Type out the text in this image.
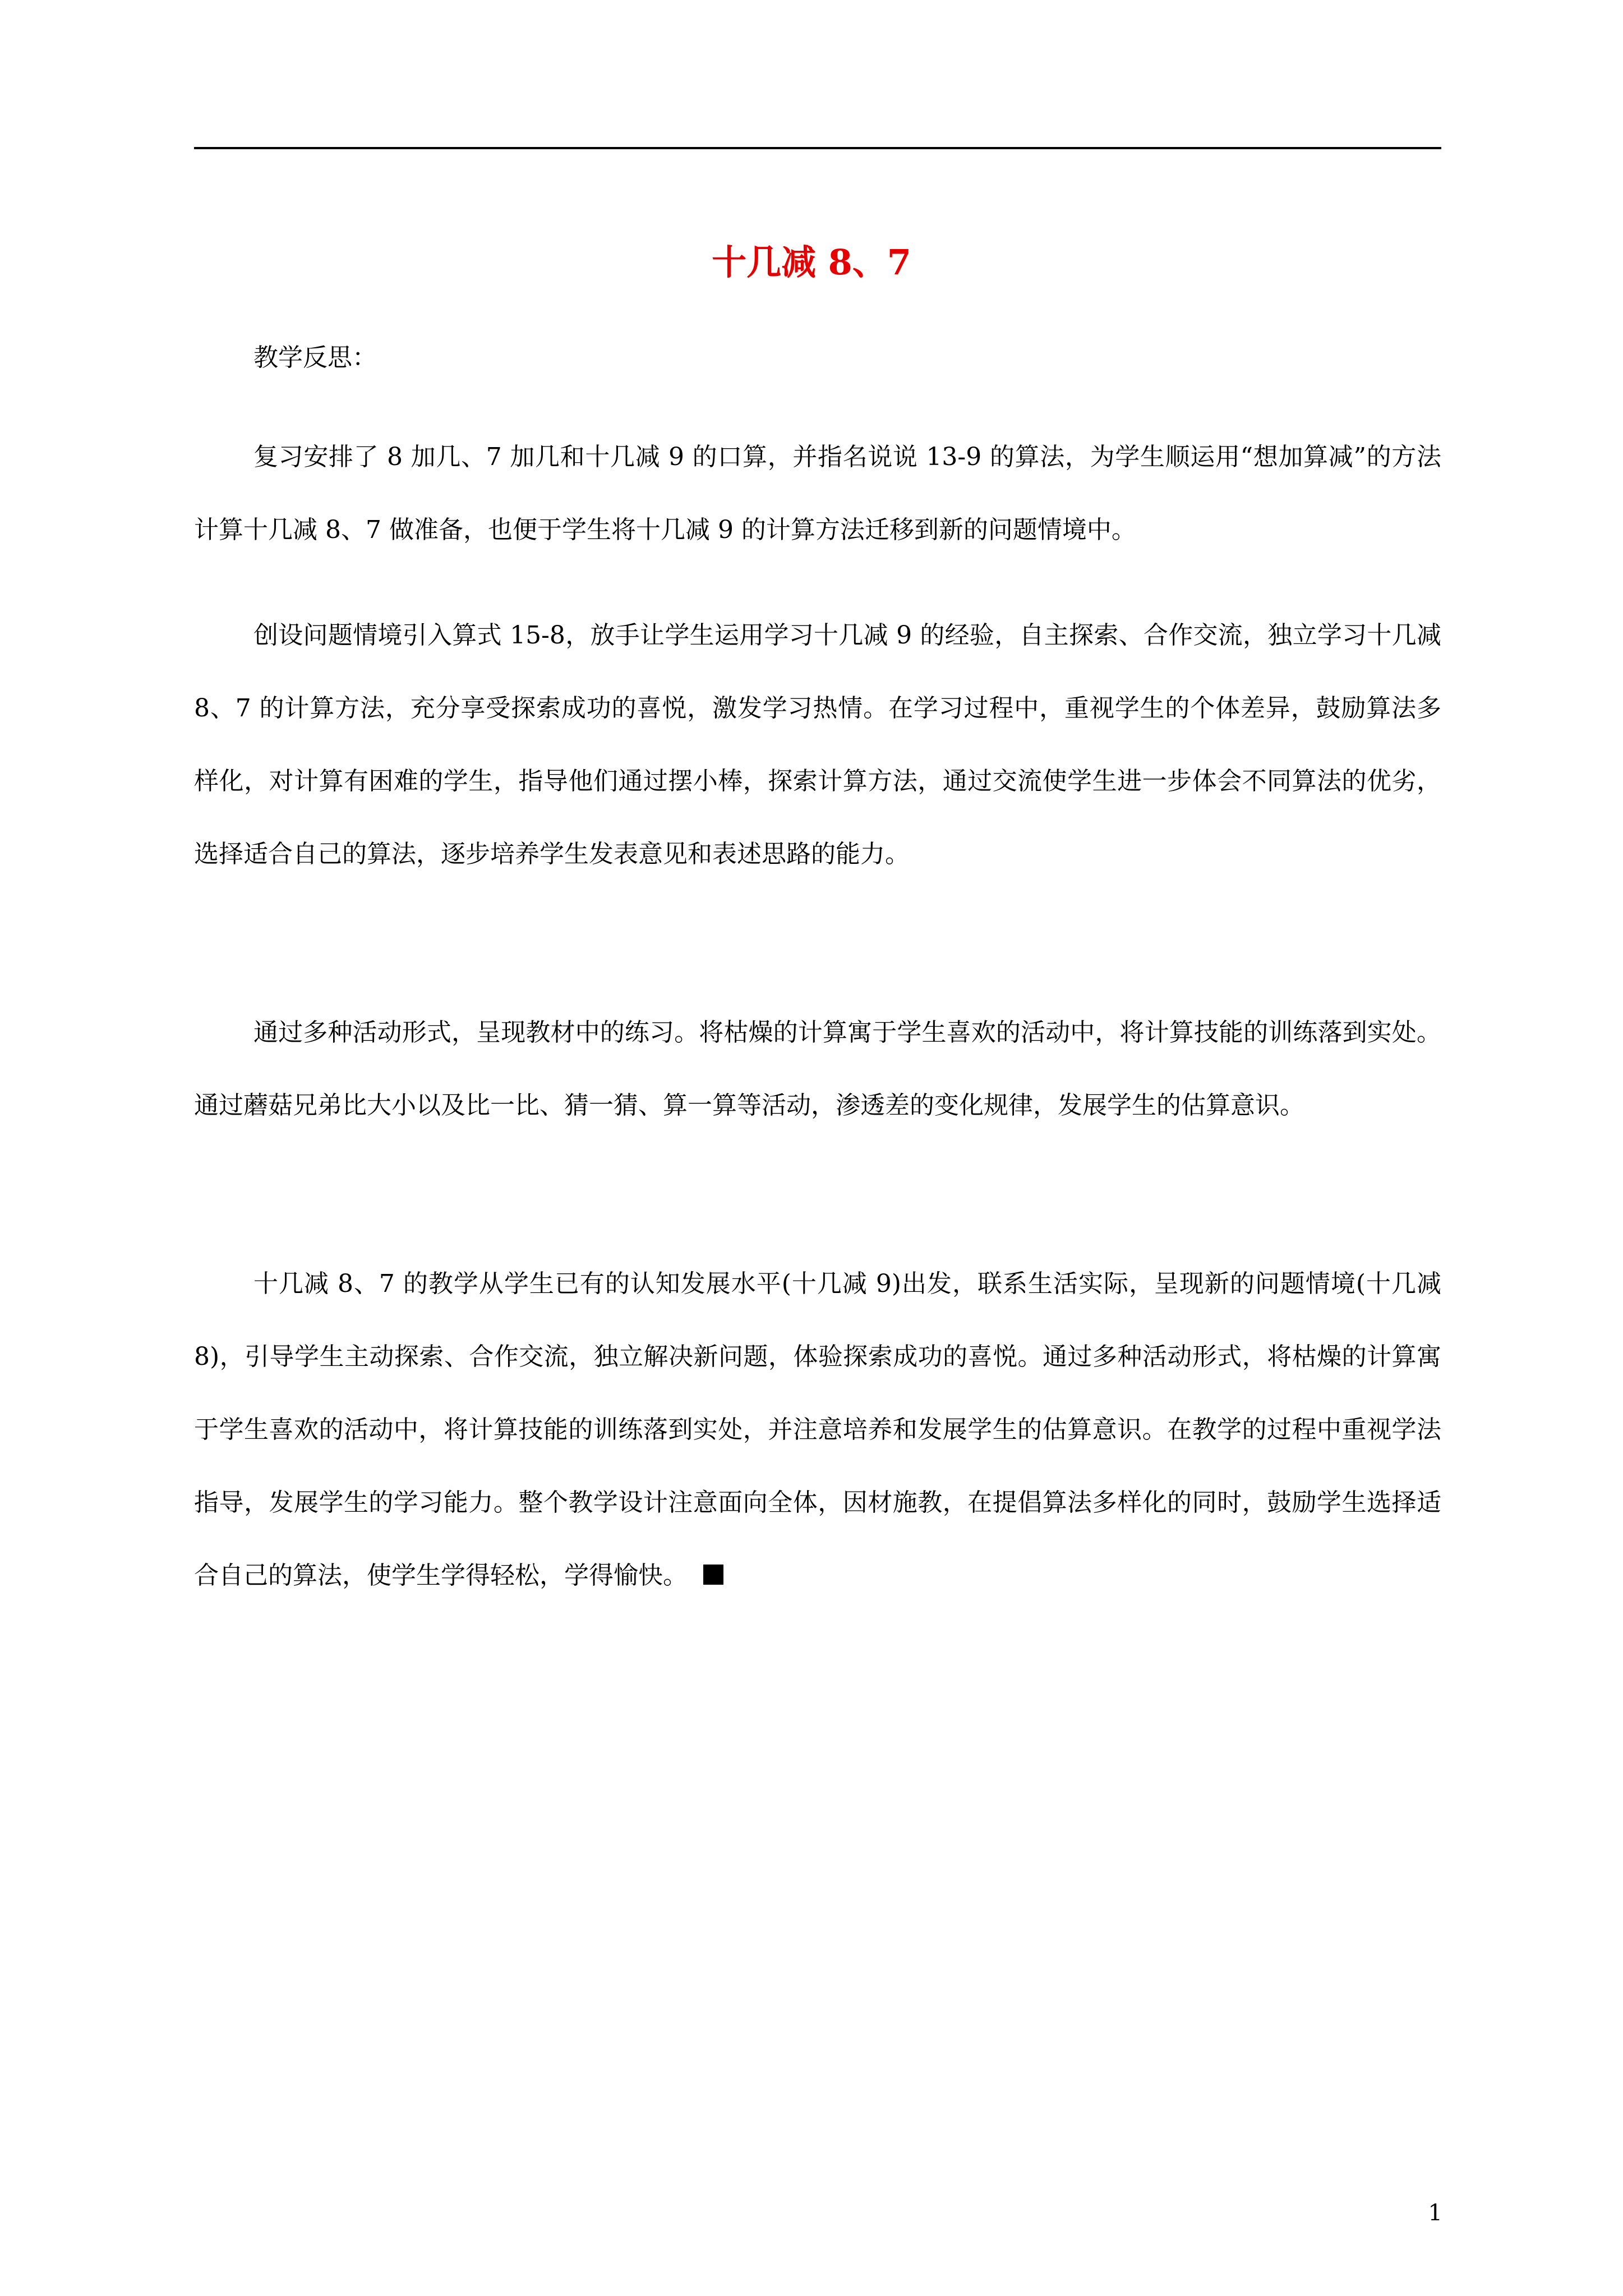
十几减 8、7

教学反思：

复习安排了 8 加几、7 加几和十几减 9 的口算，并指名说说 13-9 的算法，为学生顺运用“想加算减”的方法计算十几减 8、7 做准备，也便于学生将十几减 9 的计算方法迁移到新的问题情境中。

创设问题情境引入算式 15-8，放手让学生运用学习十几减 9 的经验，自主探索、合作交流，独立学习十几减 8、7 的计算方法，充分享受探索成功的喜悦，激发学习热情。在学习过程中，重视学生的个体差异，鼓励算法多样化，对计算有困难的学生，指导他们通过摆小棒，探索计算方法，通过交流使学生进一步体会不同算法的优劣，选择适合自己的算法，逐步培养学生发表意见和表述思路的能力。

通过多种活动形式，呈现教材中的练习。将枯燥的计算寓于学生喜欢的活动中，将计算技能的训练落到实处。通过蘑菇兄弟比大小以及比一比、猜一猜、算一算等活动，渗透差的变化规律，发展学生的估算意识。

十几减 8、7 的教学从学生已有的认知发展水平(十几减 9)出发，联系生活实际，呈现新的问题情境(十几减 8)，引导学生主动探索、合作交流，独立解决新问题，体验探索成功的喜悦。通过多种活动形式，将枯燥的计算寓于学生喜欢的活动中，将计算技能的训练落到实处，并注意培养和发展学生的估算意识。在教学的过程中重视学法指导，发展学生的学习能力。整个教学设计注意面向全体，因材施教，在提倡算法多样化的同时，鼓励学生选择适合自己的算法，使学生学得轻松，学得愉快。

1
